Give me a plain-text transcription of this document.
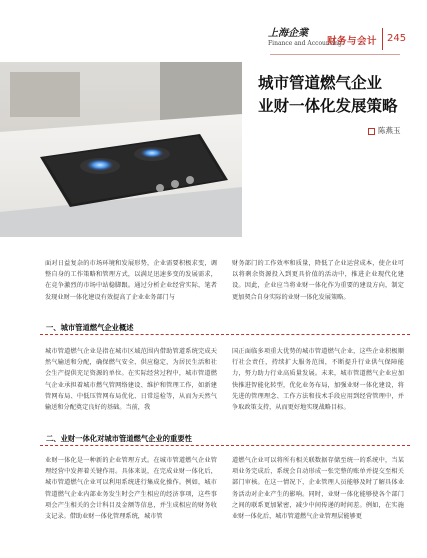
上海企業
Finance and Accounting
财务与会计 245
城市管道燃气企业
业财一体化发展策略
陈燕玉
面对日益复杂的市场环境和发展形势，企业需要积极求变，调整自身的工作策略和管理方式，以满足迅速多变的发展需求，在竞争激烈的市场中站稳脚跟。通过分析企业经营实际，笔者发现业财一体化建设有效提高了企业业务部门与
财务部门的工作效率和质量，降低了企业运营成本，使企业可以将剩余资源投入到更具价值的活动中，推进企业现代化建设。因此，企业应当将业财一体化作为重要的建设方向，制定更加契合自身实际的业财一体化发展策略。
一、城市管道燃气企业概述
城市管道燃气企业是指在城市区域范围内借助管道系统完成天然气输送和分配，确保燃气安全、供应稳定，为居民生活和社会生产提供充足资源的单位。在实际经营过程中，城市管道燃气企业承担着城市燃气管网络建设、维护和管理工作，如新建管网布局、中低压管网布局优化、日常巡检等，从而为天然气输送和分配奠定良好的基础。当前，我
国正面临多项重大优势的城市管道燃气企业，这些企业积极顺行社会责任，持续扩大服务范围，不断提升行业供气保障能力，努力助力行业高质量发展。未来，城市管道燃气企业应加快推进智能化转型，优化业务布局，加强业财一体化建设，将先进的管理理念、工作方法和技术手段应用到经营管理中，并争取政策支持，从而更好地实现战略目标。
二、业财一体化对城市管道燃气企业的重要性
业财一体化是一种新的企业管理方式。在城市管道燃气企业管理经营中发挥着关键作用。具体来说，在完成业财一体化后，城市管道燃气企业可以利用系统进行集成化操作。例如，城市管道燃气企业内部业务发生时会产生相应的经济事项，这些事项会产生相关的会计科目及金额等信息，并生成相应的财务收支记录。借助业财一体化管理系统，城市管
道燃气企业可以将所有相关联数据存储至统一的系统中，当某项业务完成后，系统会自动形成一张完整的账单并提交至相关部门审核。在这一情况下，企业管理人员能够及时了解具体业务活动对企业产生的影响。同时，业财一体化能够使各个部门之间的联系更加紧密，减少中间传递的时间差。例如，在实施业财一体化后，城市管道燃气企业管理层能够更
